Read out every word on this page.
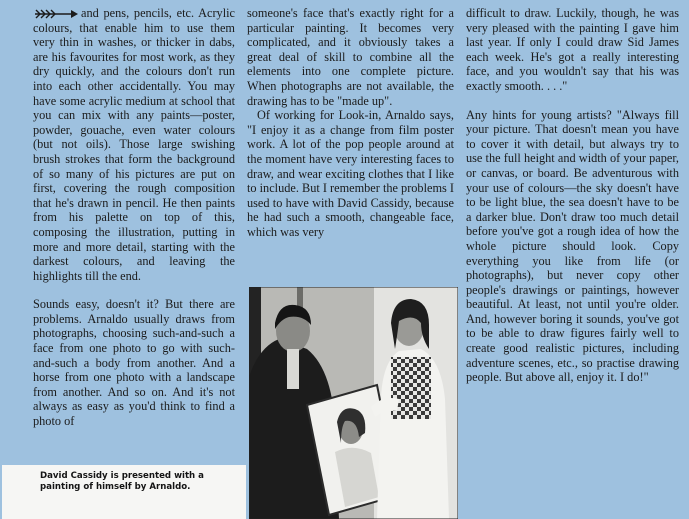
and pens, pencils, etc. Acrylic colours, that enable him to use them very thin in washes, or thicker in dabs, are his favourites for most work, as they dry quickly, and the colours don't run into each other accidentally. You may have some acrylic medium at school that you can mix with any paints—poster, powder, gouache, even water colours (but not oils). Those large swishing brush strokes that form the background of so many of his pictures are put on first, covering the rough composition that he's drawn in pencil. He then paints from his palette on top of this, composing the illustration, putting in more and more detail, starting with the darkest colours, and leaving the highlights till the end.

Sounds easy, doesn't it? But there are problems. Arnaldo usually draws from photographs, choosing such-and-such a face from one photo to go with such-and-such a body from another. And a horse from one photo with a landscape from another. And so on. And it's not always as easy as you'd think to find a photo of

someone's face that's exactly right for a particular painting. It becomes very complicated, and it obviously takes a great deal of skill to combine all the elements into one complete picture. When photographs are not available, the drawing has to be "made up".

Of working for Look-in, Arnaldo says, "I enjoy it as a change from film poster work. A lot of the pop people around at the moment have very interesting faces to draw, and wear exciting clothes that I like to include. But I remember the problems I used to have with David Cassidy, because he had such a smooth, changeable face, which was very

difficult to draw. Luckily, though, he was very pleased with the painting I gave him last year. If only I could draw Sid James each week. He's got a really interesting face, and you wouldn't say that his was exactly smooth. . . ."

Any hints for young artists? "Always fill your picture. That doesn't mean you have to cover it with detail, but always try to use the full height and width of your paper, or canvas, or board. Be adventurous with your use of colours—the sky doesn't have to be light blue, the sea doesn't have to be a darker blue. Don't draw too much detail before you've got a rough idea of how the whole picture should look. Copy everything you like from life (or photographs), but never copy other people's drawings or paintings, however beautiful. At least, not until you're older. And, however boring it sounds, you've got to be able to draw figures fairly well to create good realistic pictures, including adventure scenes, etc., so practise drawing people. But above all, enjoy it. I do!"

David Cassidy is presented with a painting of himself by Arnaldo.
